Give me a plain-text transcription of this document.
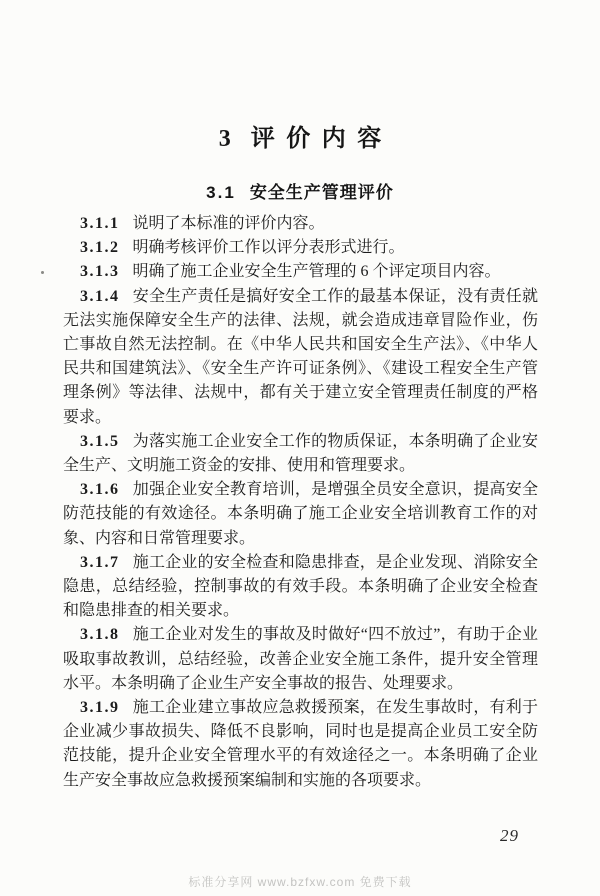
3 评价内容
3.1 安全生产管理评价

3.1.1 说明了本标准的评价内容。

3.1.2 明确考核评价工作以评分表形式进行。

3.1.3 明确了施工企业安全生产管理的 6 个评定项目内容。

3.1.4 安全生产责任是搞好安全工作的最基本保证，没有责任就无法实施保障安全生产的法律、法规，就会造成违章冒险作业，伤亡事故自然无法控制。在《中华人民共和国安全生产法》、《中华人民共和国建筑法》、《安全生产许可证条例》、《建设工程安全生产管理条例》等法律、法规中，都有关于建立安全管理责任制度的严格要求。

3.1.5 为落实施工企业安全工作的物质保证，本条明确了企业安全生产、文明施工资金的安排、使用和管理要求。

3.1.6 加强企业安全教育培训，是增强全员安全意识，提高安全防范技能的有效途径。本条明确了施工企业安全培训教育工作的对象、内容和日常管理要求。

3.1.7 施工企业的安全检查和隐患排查，是企业发现、消除安全隐患，总结经验，控制事故的有效手段。本条明确了企业安全检查和隐患排查的相关要求。

3.1.8 施工企业对发生的事故及时做好“四不放过”，有助于企业吸取事故教训，总结经验，改善企业安全施工条件，提升安全管理水平。本条明确了企业生产安全事故的报告、处理要求。

3.1.9 施工企业建立事故应急救援预案，在发生事故时，有利于企业减少事故损失、降低不良影响，同时也是提高企业员工安全防范技能，提升企业安全管理水平的有效途径之一。本条明确了企业生产安全事故应急救援预案编制和实施的各项要求。

29
标准分享网 www.bzfxw.com 免费下载
